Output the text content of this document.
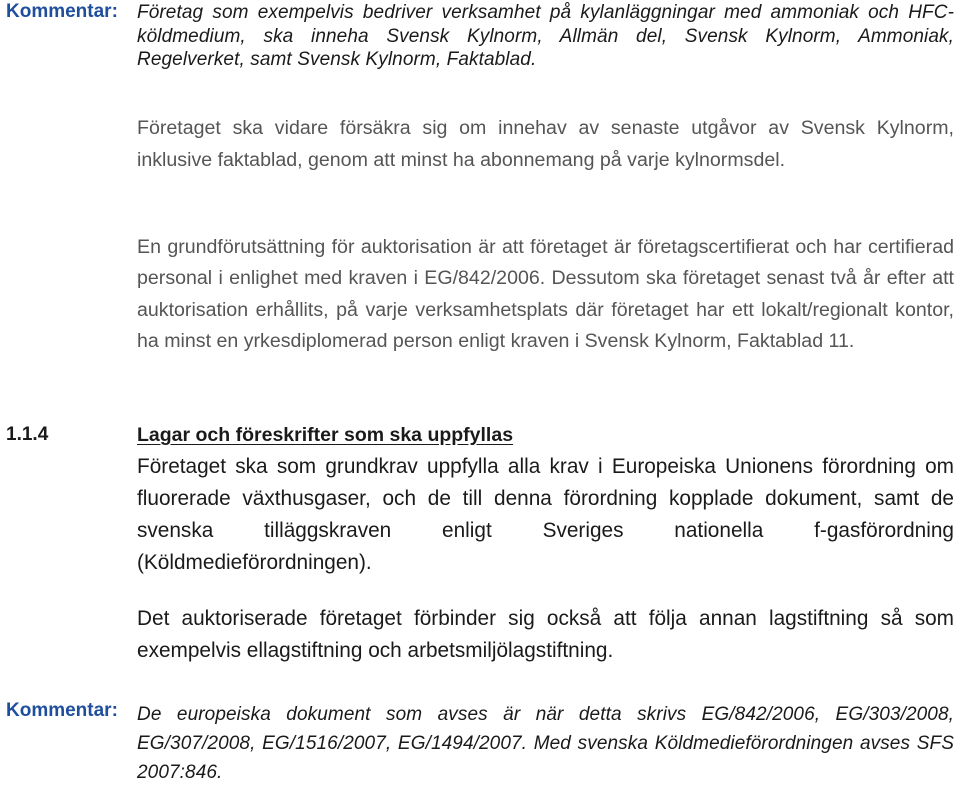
Kommentar: Företag som exempelvis bedriver verksamhet på kylanläggningar med ammoniak och HFC-köldmedium, ska inneha Svensk Kylnorm, Allmän del, Svensk Kylnorm, Ammoniak, Regelverket, samt Svensk Kylnorm, Faktablad.
Företaget ska vidare försäkra sig om innehav av senaste utgåvor av Svensk Kylnorm, inklusive faktablad, genom att minst ha abonnemang på varje kylnormsdel.
En grundförutsättning för auktorisation är att företaget är företagscertifierat och har certifierad personal i enlighet med kraven i EG/842/2006. Dessutom ska företaget senast två år efter att auktorisation erhållits, på varje verksamhetsplats där företaget har ett lokalt/regionalt kontor, ha minst en yrkesdiplomerad person enligt kraven i Svensk Kylnorm, Faktablad 11.
1.1.4	Lagar och föreskrifter som ska uppfyllas
Företaget ska som grundkrav uppfylla alla krav i Europeiska Unionens förordning om fluorerade växthusgaser, och de till denna förordning kopplade dokument, samt de svenska tilläggskraven enligt Sveriges nationella f-gasförordning (Köldmedieförordningen).
Det auktoriserade företaget förbinder sig också att följa annan lagstiftning så som exempelvis ellagstiftning och arbetsmiljölagstiftning.
Kommentar: De europeiska dokument som avses är när detta skrivs EG/842/2006, EG/303/2008, EG/307/2008, EG/1516/2007, EG/1494/2007. Med svenska Köldmedieförordningen avses SFS 2007:846.
